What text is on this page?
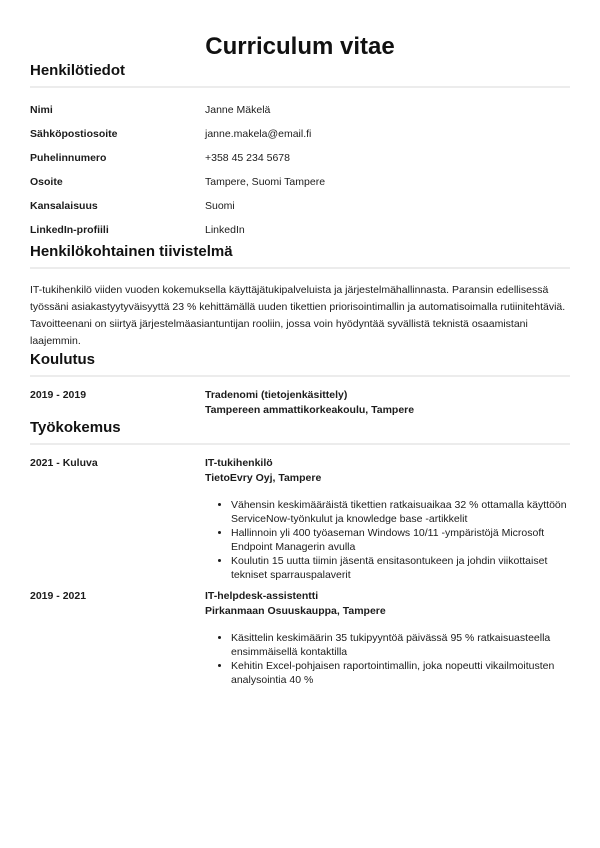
Curriculum vitae
Henkilötiedot
Nimi	Janne Mäkelä
Sähköpostiosoite	janne.makela@email.fi
Puhelinnumero	+358 45 234 5678
Osoite	Tampere, Suomi Tampere
Kansalaisuus	Suomi
LinkedIn-profiili	LinkedIn
Henkilökohtainen tiivistelmä

IT-tukihenkilö viiden vuoden kokemuksella käyttäjätukipalveluista ja järjestelmähallinnasta. Paransin edellisessä työssäni asiakastyytyväisyyttä 23 % kehittämällä uuden tikettien priorisointimallin ja automatisoimalla rutiinitehtäviä. Tavoitteenani on siirtyä järjestelmäasiantuntijan rooliin, jossa voin hyödyntää syvällistä teknistä osaamistani laajemmin.

Koulutus
2019 - 2019	Tradenomi (tietojenkäsittely)
Tampereen ammattikorkeakoulu, Tampere
Työkokemus
2021 - Kuluva	IT-tukihenkilö
TietoEvry Oyj, Tampere
• Vähensin keskimääräistä tikettien ratkaisuaikaa 32 % ottamalla käyttöön ServiceNow-työnkulut ja knowledge base -artikkelit
• Hallinnoin yli 400 työaseman Windows 10/11 -ympäristöjä Microsoft Endpoint Managerin avulla
• Koulutin 15 uutta tiimin jäsentä ensitasontukeen ja johdin viikottaiset tekniset sparrauspalaverit
2019 - 2021	IT-helpdesk-assistentti
Pirkanmaan Osuuskauppa, Tampere
• Käsittelin keskimäärin 35 tukipyyntöä päivässä 95 % ratkaisuasteella ensimmäisellä kontaktilla
• Kehitin Excel-pohjaisen raportointimallin, joka nopeutti vikailmoitusten analysointia 40 %
